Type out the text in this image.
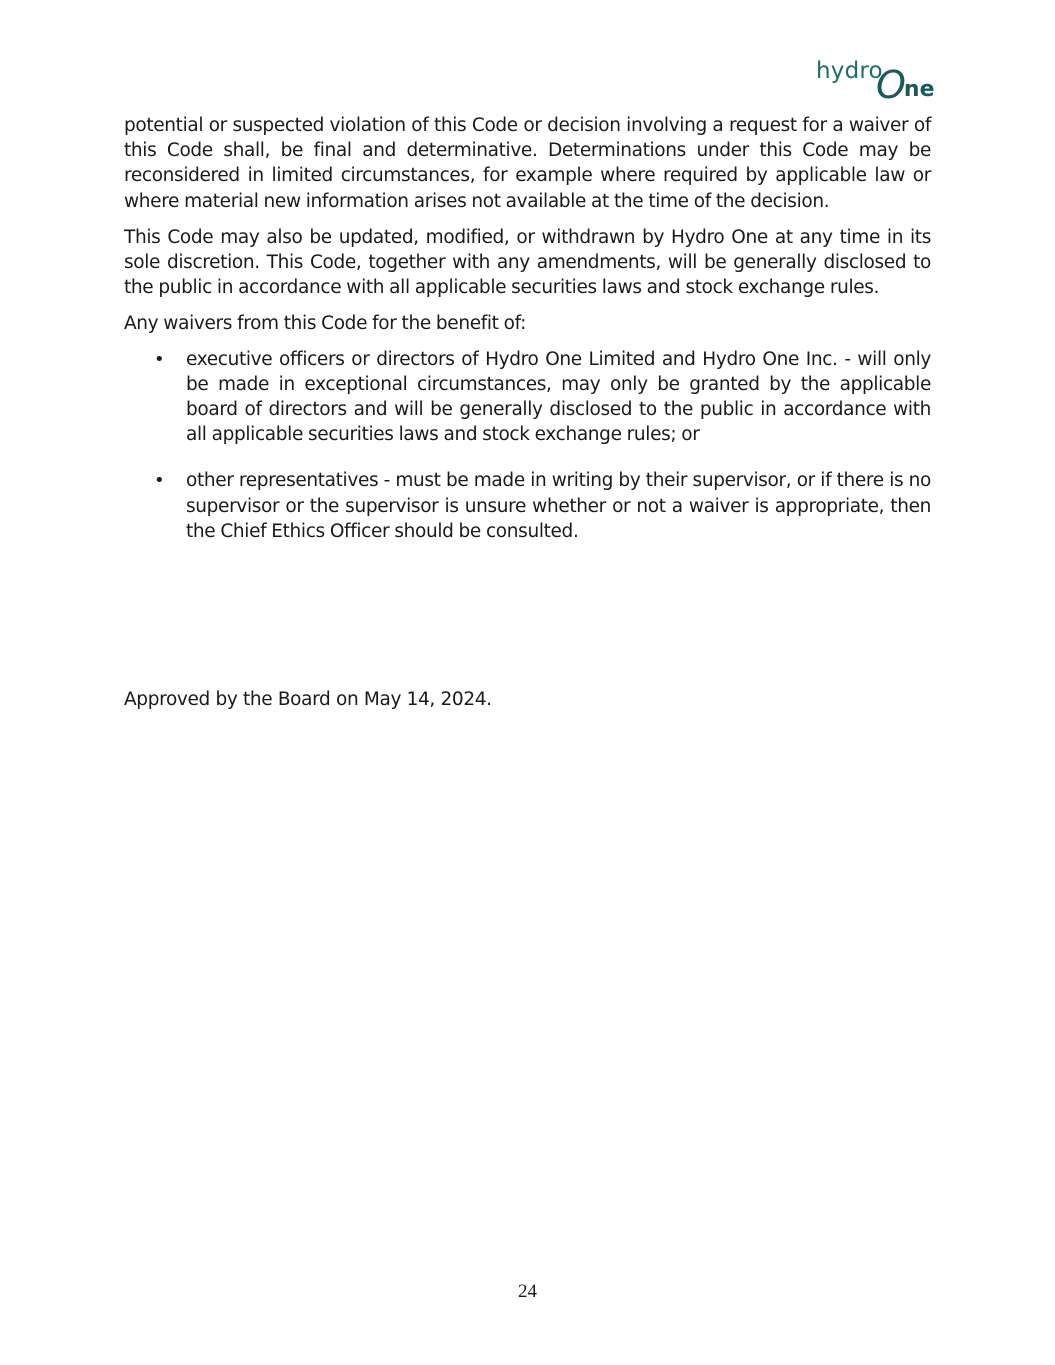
hydro
One

potential or suspected violation of this Code or decision involving a request for a waiver of this Code shall, be final and determinative. Determinations under this Code may be reconsidered in limited circumstances, for example where required by applicable law or where material new information arises not available at the time of the decision.

This Code may also be updated, modified, or withdrawn by Hydro One at any time in its sole discretion. This Code, together with any amendments, will be generally disclosed to the public in accordance with all applicable securities laws and stock exchange rules.

Any waivers from this Code for the benefit of:

• executive officers or directors of Hydro One Limited and Hydro One Inc. - will only be made in exceptional circumstances, may only be granted by the applicable board of directors and will be generally disclosed to the public in accordance with all applicable securities laws and stock exchange rules; or
• other representatives - must be made in writing by their supervisor, or if there is no supervisor or the supervisor is unsure whether or not a waiver is appropriate, then the Chief Ethics Officer should be consulted.

Approved by the Board on May 14, 2024.

24
